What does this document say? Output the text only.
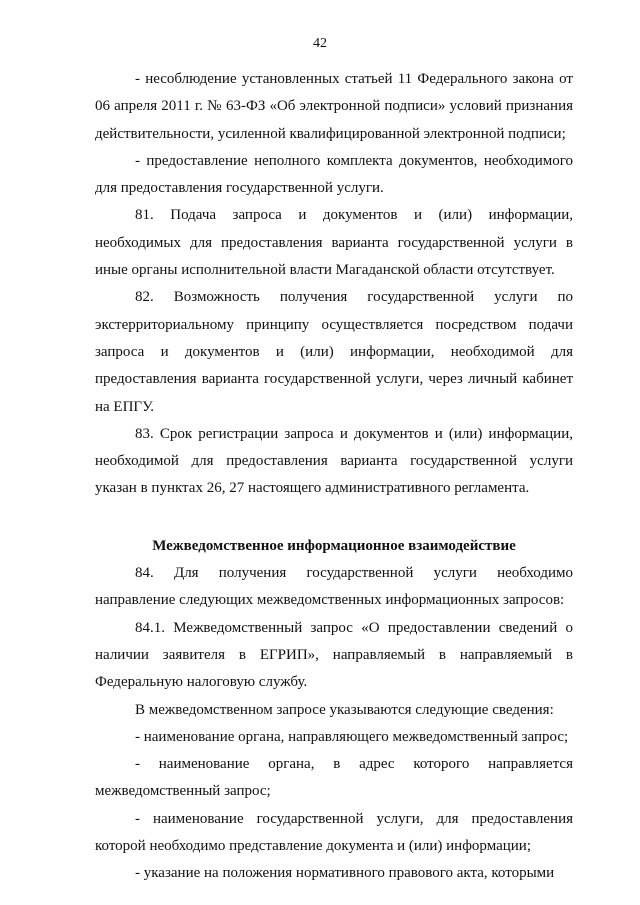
42

- несоблюдение установленных статьей 11 Федерального закона от 06 апреля 2011 г. № 63-ФЗ «Об электронной подписи» условий признания действительности, усиленной квалифицированной электронной подписи;

- предоставление неполного комплекта документов, необходимого для предоставления государственной услуги.

81. Подача запроса и документов и (или) информации, необходимых для предоставления варианта государственной услуги в иные органы исполнительной власти Магаданской области отсутствует.

82. Возможность получения государственной услуги по экстерриториальному принципу осуществляется посредством подачи запроса и документов и (или) информации, необходимой для предоставления варианта государственной услуги, через личный кабинет на ЕПГУ.

83. Срок регистрации запроса и документов и (или) информации, необходимой для предоставления варианта государственной услуги указан в пунктах 26, 27 настоящего административного регламента.

Межведомственное информационное взаимодействие

84. Для получения государственной услуги необходимо направление следующих межведомственных информационных запросов:

84.1. Межведомственный запрос «О предоставлении сведений о наличии заявителя в ЕГРИП», направляемый в направляемый в Федеральную налоговую службу.

В межведомственном запросе указываются следующие сведения:

- наименование органа, направляющего межведомственный запрос;

- наименование органа, в адрес которого направляется межведомственный запрос;

- наименование государственной услуги, для предоставления которой необходимо представление документа и (или) информации;

- указание на положения нормативного правового акта, которыми
